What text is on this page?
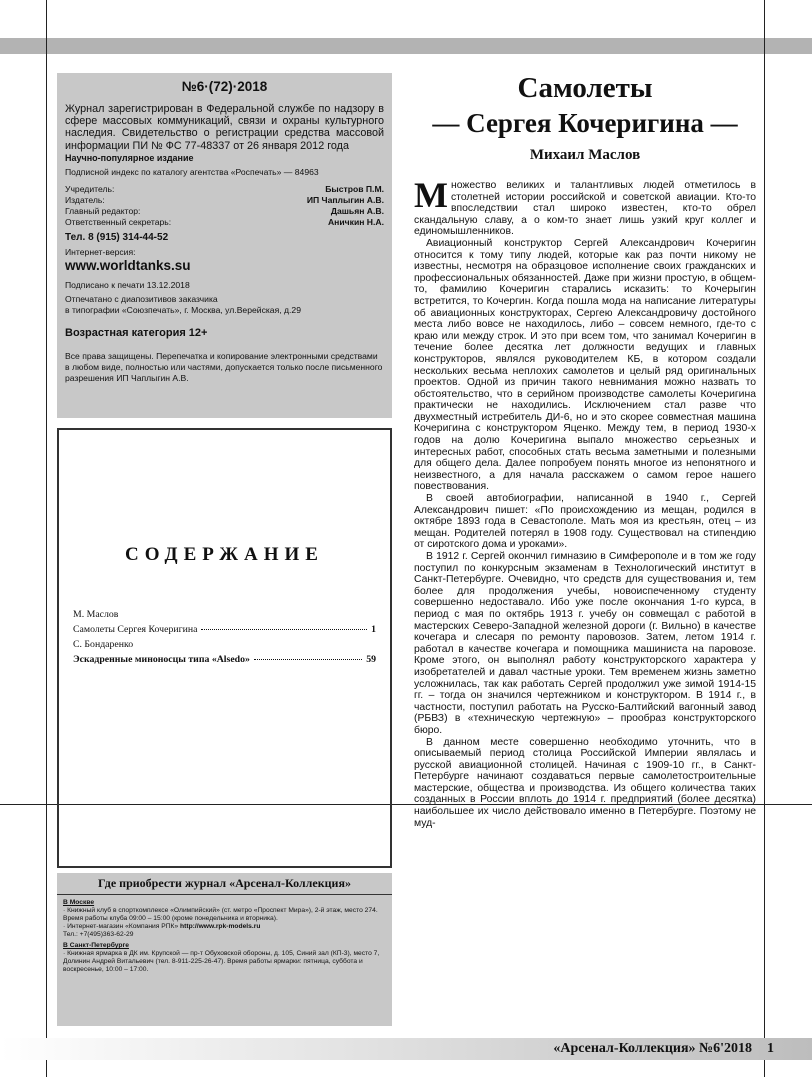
№6·(72)·2018
Журнал зарегистрирован в Федеральной службе по надзору в сфере массовых коммуникаций, связи и охраны культурного наследия. Свидетельство о регистрации средства массовой информации ПИ № ФС 77-48337 от 26 января 2012 года
Научно-популярное издание
Подписной индекс по каталогу агентства «Роспечать» — 84963
Учредитель:	Быстров П.М.
Издатель:	ИП Чаплыгин А.В.
Главный редактор:	Дашьян А.В.
Ответственный секретарь:	Аничкин Н.А.
Тел. 8 (915) 314-44-52
Интернет-версия:
www.worldtanks.su
Подписано к печати 13.12.2018
Отпечатано с диапозитивов заказчика
в типографии «Союзпечать», г. Москва, ул.Верейская, д.29
Возрастная категория 12+
Все права защищены. Перепечатка и копирование электронными средствами в любом виде, полностью или частями, допускается только после письменного разрешения ИП Чаплыгин А.В.
СОДЕРЖАНИЕ
М. Маслов
Самолеты Сергея Кочеригина	1
С. Бондаренко
Эскадренные миноносцы типа «Alsedo»	59
Где приобрести журнал «Арсенал-Коллекция»
В Москве
· Книжный клуб в спорткомплексе «Олимпийский» (ст. метро «Проспект Мира»), 2-й этаж, место 274. Время работы клуба 09:00 – 15:00 (кроме понедельника и вторника).
· Интернет-магазин «Компания РПК» http://www.rpk-models.ru
Тел.: +7(495)363-62-29
В Санкт-Петербурге
· Книжная ярмарка в ДК им. Крупской — пр-т Обуховской обороны, д. 105, Синий зал (КП-3), место 7, Долинин Андрей Витальевич (тел. 8-911-225-26-47). Время работы ярмарки: пятница, суббота и воскресенье, 10:00 – 17:00.
Самолеты
— Сергея Кочеригина —
Михаил Маслов

Множество великих и талантливых людей отметилось в столетней истории российской и советской авиации. Кто-то впоследствии стал широко известен, кто-то обрел скандальную славу, а о ком-то знает лишь узкий круг коллег и единомышленников.

Авиационный конструктор Сергей Александрович Кочеригин относится к тому типу людей, которые как раз почти никому не известны, несмотря на образцовое исполнение своих гражданских и профессиональных обязанностей. Даже при жизни простую, в общем-то, фамилию Кочеригин старались исказить: то Кочерыгин встретится, то Кочергин. Когда пошла мода на написание литературы об авиационных конструкторах, Сергею Александровичу достойного места либо вовсе не находилось, либо – совсем немного, где-то с краю или между строк. И это при всем том, что занимал Кочеригин в течение более десятка лет должности ведущих и главных конструкторов, являлся руководителем КБ, в котором создали нескольких весьма неплохих самолетов и целый ряд оригинальных проектов. Одной из причин такого невнимания можно назвать то обстоятельство, что в серийном производстве самолеты Кочеригина практически не находились. Исключением стал разве что двухместный истребитель ДИ-6, но и это скорее совместная машина Кочеригина с конструктором Яценко. Между тем, в период 1930-х годов на долю Кочеригина выпало множество серьезных и интересных работ, способных стать весьма заметными и полезными для общего дела. Далее попробуем понять многое из непонятного и неизвестного, а для начала расскажем о самом герое нашего повествования.

В своей автобиографии, написанной в 1940 г., Сергей Александрович пишет: «По происхождению из мещан, родился в октябре 1893 года в Севастополе. Мать моя из крестьян, отец – из мещан. Родителей потерял в 1908 году. Существовал на стипендию от сиротского дома и уроками».

В 1912 г. Сергей окончил гимназию в Симферополе и в том же году поступил по конкурсным экзаменам в Технологический институт в Санкт-Петербурге. Очевидно, что средств для существования и, тем более для продолжения учебы, новоиспеченному студенту совершенно недоставало. Ибо уже после окончания 1-го курса, в период с мая по октябрь 1913 г. учебу он совмещал с работой в мастерских Северо-Западной железной дороги (г. Вильно) в качестве кочегара и слесаря по ремонту паровозов. Затем, летом 1914 г. работал в качестве кочегара и помощника машиниста на паровозе. Кроме этого, он выполнял работу конструкторского характера у изобретателей и давал частные уроки. Тем временем жизнь заметно усложнилась, так как работать Сергей продолжил уже зимой 1914-15 гг. – тогда он значился чертежником и конструктором. В 1914 г., в частности, поступил работать на Русско-Балтийский вагонный завод (РБВЗ) в «техническую чертежную» – прообраз конструкторского бюро.

В данном месте совершенно необходимо уточнить, что в описываемый период столица Российской Империи являлась и русской авиационной столицей. Начиная с 1909-10 гг., в Санкт-Петербурге начинают создаваться первые самолетостроительные мастерские, общества и производства. Из общего количества таких созданных в России вплоть до 1914 г. предприятий (более десятка) наибольшее их число действовало именно в Петербурге. Поэтому не муд-

«Арсенал-Коллекция» №6'2018 1
